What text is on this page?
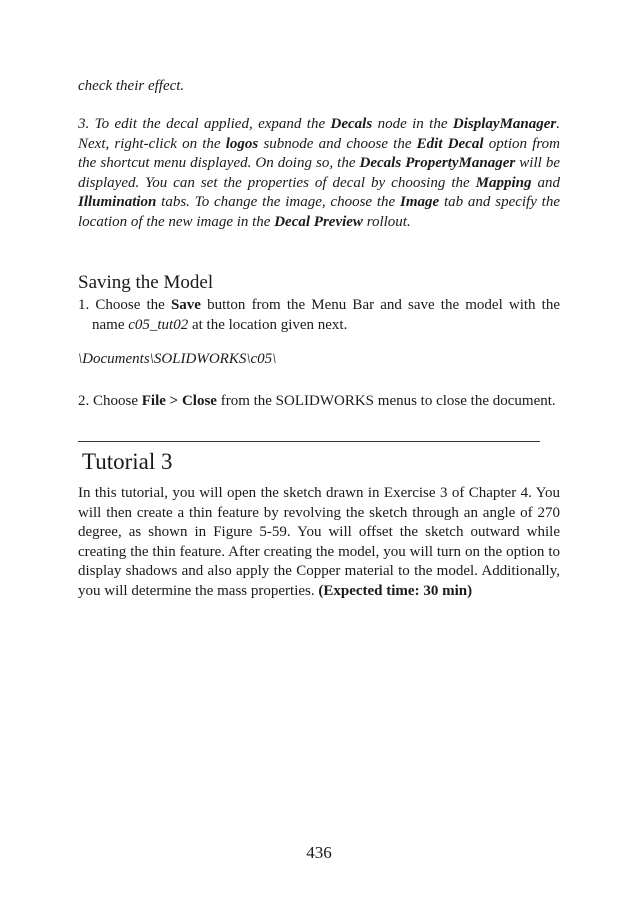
check their effect.

3. To edit the decal applied, expand the Decals node in the DisplayManager. Next, right-click on the logos subnode and choose the Edit Decal option from the shortcut menu displayed. On doing so, the Decals PropertyManager will be displayed. You can set the properties of decal by choosing the Mapping and Illumination tabs. To change the image, choose the Image tab and specify the location of the new image in the Decal Preview rollout.

Saving the Model

1. Choose the Save button from the Menu Bar and save the model with the name c05_tut02 at the location given next.

\Documents\SOLIDWORKS\c05\

2. Choose File > Close from the SOLIDWORKS menus to close the document.

Tutorial 3

In this tutorial, you will open the sketch drawn in Exercise 3 of Chapter 4. You will then create a thin feature by revolving the sketch through an angle of 270 degree, as shown in Figure 5-59. You will offset the sketch outward while creating the thin feature. After creating the model, you will turn on the option to display shadows and also apply the Copper material to the model. Additionally, you will determine the mass properties. (Expected time: 30 min)

436
